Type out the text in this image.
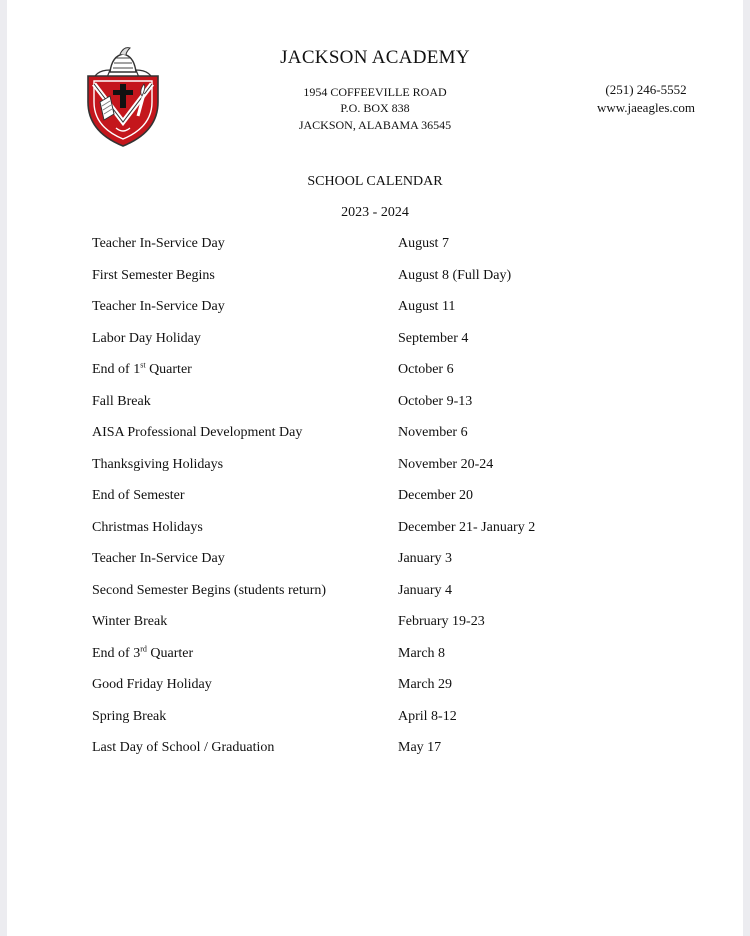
JACKSON ACADEMY
1954 COFFEEVILLE ROAD
P.O. BOX 838
JACKSON, ALABAMA 36545
(251) 246-5552
www.jaeagles.com
SCHOOL CALENDAR
2023 - 2024
Teacher In-Service Day	August 7
First Semester Begins	August 8 (Full Day)
Teacher In-Service Day	August 11
Labor Day Holiday	September 4
End of 1st Quarter	October 6
Fall Break	October 9-13
AISA Professional Development Day	November 6
Thanksgiving Holidays	November 20-24
End of Semester	December 20
Christmas Holidays	December 21- January 2
Teacher In-Service Day	January 3
Second Semester Begins (students return)	January 4
Winter Break	February 19-23
End of 3rd Quarter	March 8
Good Friday Holiday	March 29
Spring Break	April 8-12
Last Day of School / Graduation	May 17
